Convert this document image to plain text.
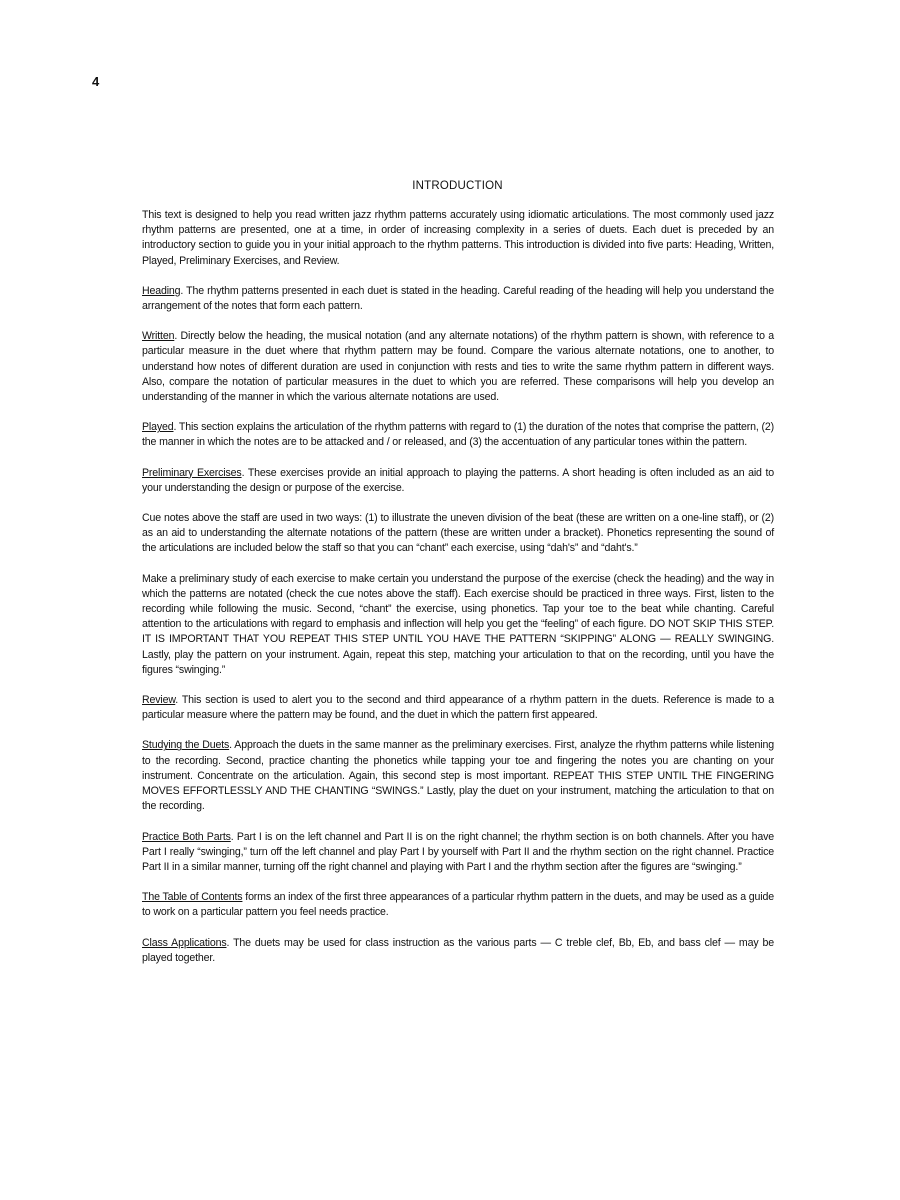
4
INTRODUCTION

This text is designed to help you read written jazz rhythm patterns accurately using idiomatic articulations. The most commonly used jazz rhythm patterns are presented, one at a time, in order of increasing complexity in a series of duets. Each duet is preceded by an introductory section to guide you in your initial approach to the rhythm patterns. This introduction is divided into five parts: Heading, Written, Played, Preliminary Exercises, and Review.

Heading. The rhythm patterns presented in each duet is stated in the heading. Careful reading of the heading will help you understand the arrangement of the notes that form each pattern.

Written. Directly below the heading, the musical notation (and any alternate notations) of the rhythm pattern is shown, with reference to a particular measure in the duet where that rhythm pattern may be found. Compare the various alternate notations, one to another, to understand how notes of different duration are used in conjunction with rests and ties to write the same rhythm pattern in different ways. Also, compare the notation of particular measures in the duet to which you are referred. These comparisons will help you develop an understanding of the manner in which the various alternate notations are used.

Played. This section explains the articulation of the rhythm patterns with regard to (1) the duration of the notes that comprise the pattern, (2) the manner in which the notes are to be attacked and / or released, and (3) the accentuation of any particular tones within the pattern.

Preliminary Exercises. These exercises provide an initial approach to playing the patterns. A short heading is often included as an aid to your understanding the design or purpose of the exercise.

Cue notes above the staff are used in two ways: (1) to illustrate the uneven division of the beat (these are written on a one-line staff), or (2) as an aid to understanding the alternate notations of the pattern (these are written under a bracket). Phonetics representing the sound of the articulations are included below the staff so that you can “chant” each exercise, using “dah's” and “daht's.”

Make a preliminary study of each exercise to make certain you understand the purpose of the exercise (check the heading) and the way in which the patterns are notated (check the cue notes above the staff). Each exercise should be practiced in three ways. First, listen to the recording while following the music. Second, “chant” the exercise, using phonetics. Tap your toe to the beat while chanting. Careful attention to the articulations with regard to emphasis and inflection will help you get the “feeling” of each figure. DO NOT SKIP THIS STEP. IT IS IMPORTANT THAT YOU REPEAT THIS STEP UNTIL YOU HAVE THE PATTERN “SKIPPING” ALONG — REALLY SWINGING. Lastly, play the pattern on your instrument. Again, repeat this step, matching your articulation to that on the recording, until you have the figures “swinging.”

Review. This section is used to alert you to the second and third appearance of a rhythm pattern in the duets. Reference is made to a particular measure where the pattern may be found, and the duet in which the pattern first appeared.

Studying the Duets. Approach the duets in the same manner as the preliminary exercises. First, analyze the rhythm patterns while listening to the recording. Second, practice chanting the phonetics while tapping your toe and fingering the notes you are chanting on your instrument. Concentrate on the articulation. Again, this second step is most important. REPEAT THIS STEP UNTIL THE FINGERING MOVES EFFORTLESSLY AND THE CHANTING “SWINGS.” Lastly, play the duet on your instrument, matching the articulation to that on the recording.

Practice Both Parts. Part I is on the left channel and Part II is on the right channel; the rhythm section is on both channels. After you have Part I really “swinging,” turn off the left channel and play Part I by yourself with Part II and the rhythm section on the right channel. Practice Part II in a similar manner, turning off the right channel and playing with Part I and the rhythm section after the figures are “swinging.”

The Table of Contents forms an index of the first three appearances of a particular rhythm pattern in the duets, and may be used as a guide to work on a particular pattern you feel needs practice.

Class Applications. The duets may be used for class instruction as the various parts — C treble clef, Bb, Eb, and bass clef — may be played together.
